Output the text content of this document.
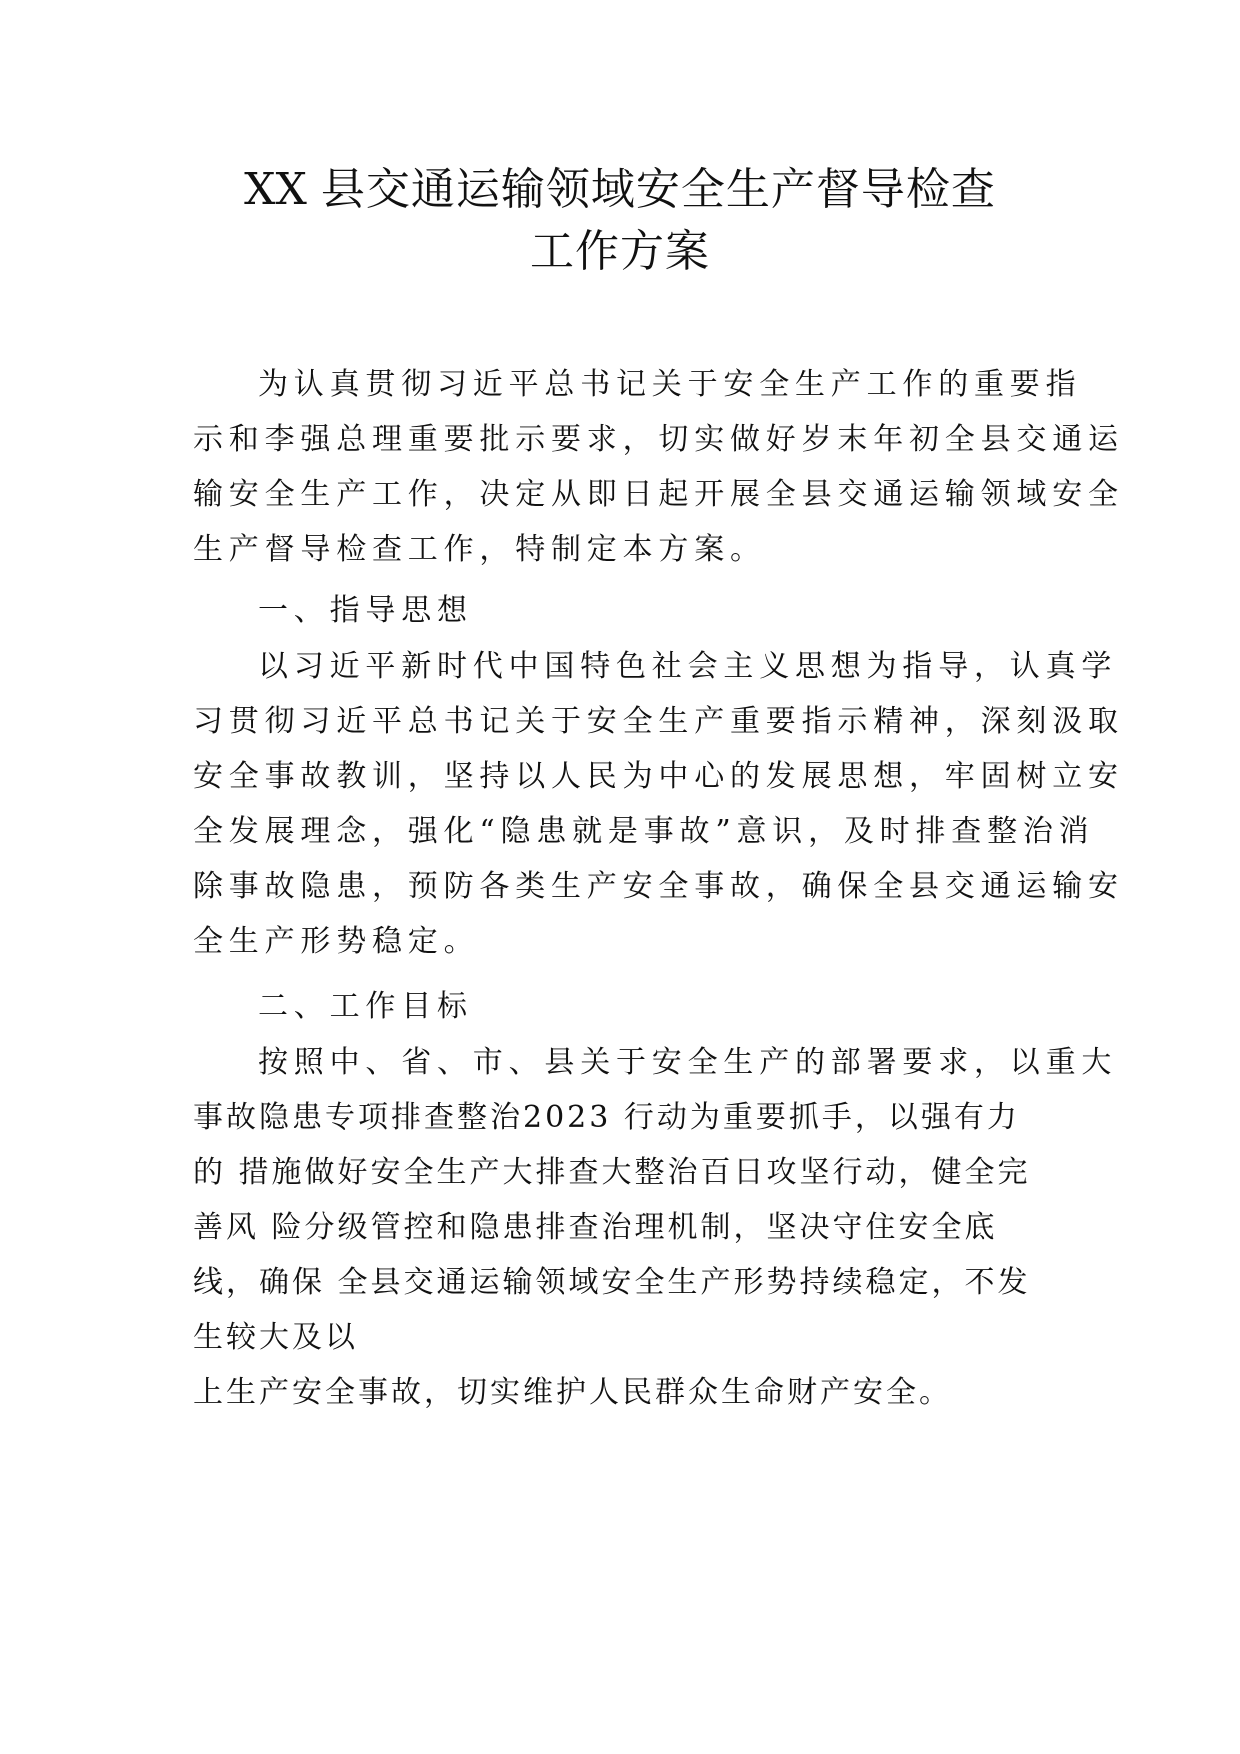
XX 县交通运输领域安全生产督导检查
工作方案
为认真贯彻习近平总书记关于安全生产工作的重要指
示和李强总理重要批示要求，切实做好岁末年初全县交通运
输安全生产工作，决定从即日起开展全县交通运输领域安全
生产督导检查工作，特制定本方案。
一、指导思想
以习近平新时代中国特色社会主义思想为指导，认真学
习贯彻习近平总书记关于安全生产重要指示精神，深刻汲取
安全事故教训，坚持以人民为中心的发展思想，牢固树立安
全发展理念，强化“隐患就是事故”意识，及时排查整治消
除事故隐患，预防各类生产安全事故，确保全县交通运输安
全生产形势稳定。
二、工作目标
按照中、省、市、县关于安全生产的部署要求，以重大
事故隐患专项排查整治2023 行动为重要抓手，以强有力
的 措施做好安全生产大排查大整治百日攻坚行动，健全完
善风 险分级管控和隐患排查治理机制，坚决守住安全底
线，确保 全县交通运输领域安全生产形势持续稳定，不发
生较大及以
上生产安全事故，切实维护人民群众生命财产安全。
